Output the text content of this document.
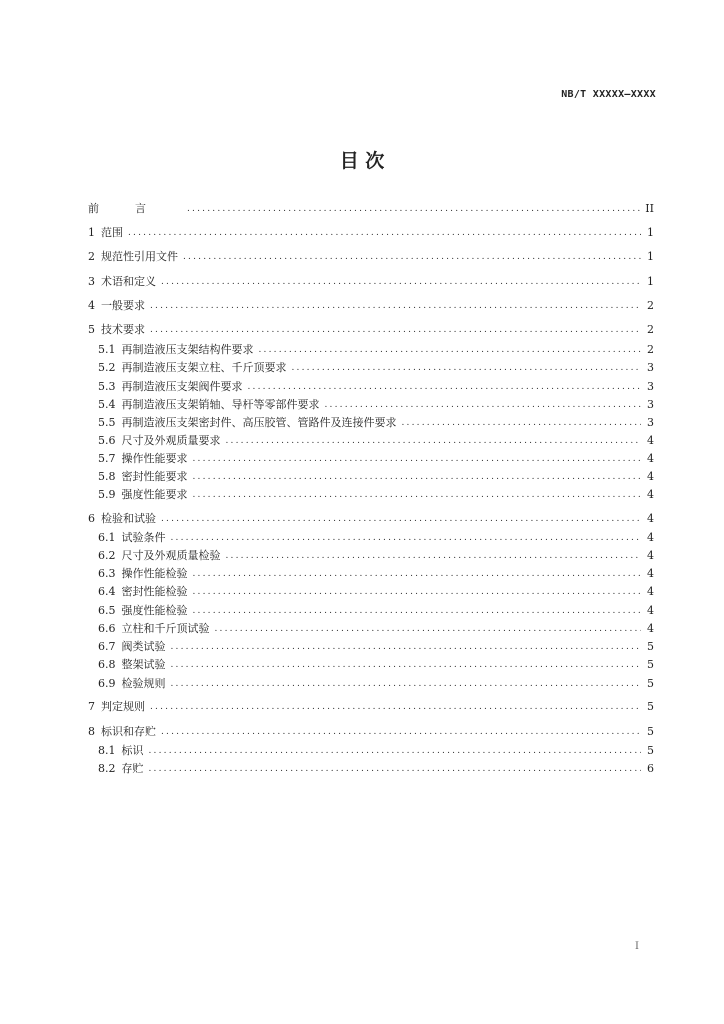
NB/T XXXXX—XXXX
目 次
前言 .....	II
1 范围 .....	1
2 规范性引用文件 .....	1
3 术语和定义 .....	1
4 一般要求 .....	2
5 技术要求 .....	2
5.1 再制造液压支架结构件要求 .....	2
5.2 再制造液压支架立柱、千斤顶要求 .....	3
5.3 再制造液压支架阀件要求 .....	3
5.4 再制造液压支架销轴、导杆等零部件要求 .....	3
5.5 再制造液压支架密封件、高压胶管、管路件及连接件要求 .....	3
5.6 尺寸及外观质量要求 .....	4
5.7 操作性能要求 .....	4
5.8 密封性能要求 .....	4
5.9 强度性能要求 .....	4
6 检验和试验 .....	4
6.1 试验条件 .....	4
6.2 尺寸及外观质量检验 .....	4
6.3 操作性能检验 .....	4
6.4 密封性能检验 .....	4
6.5 强度性能检验 .....	4
6.6 立柱和千斤顶试验 .....	4
6.7 阀类试验 .....	5
6.8 整架试验 .....	5
6.9 检验规则 .....	5
7 判定规则 .....	5
8 标识和存贮 .....	5
8.1 标识 .....	5
8.2 存贮 .....	6
I
